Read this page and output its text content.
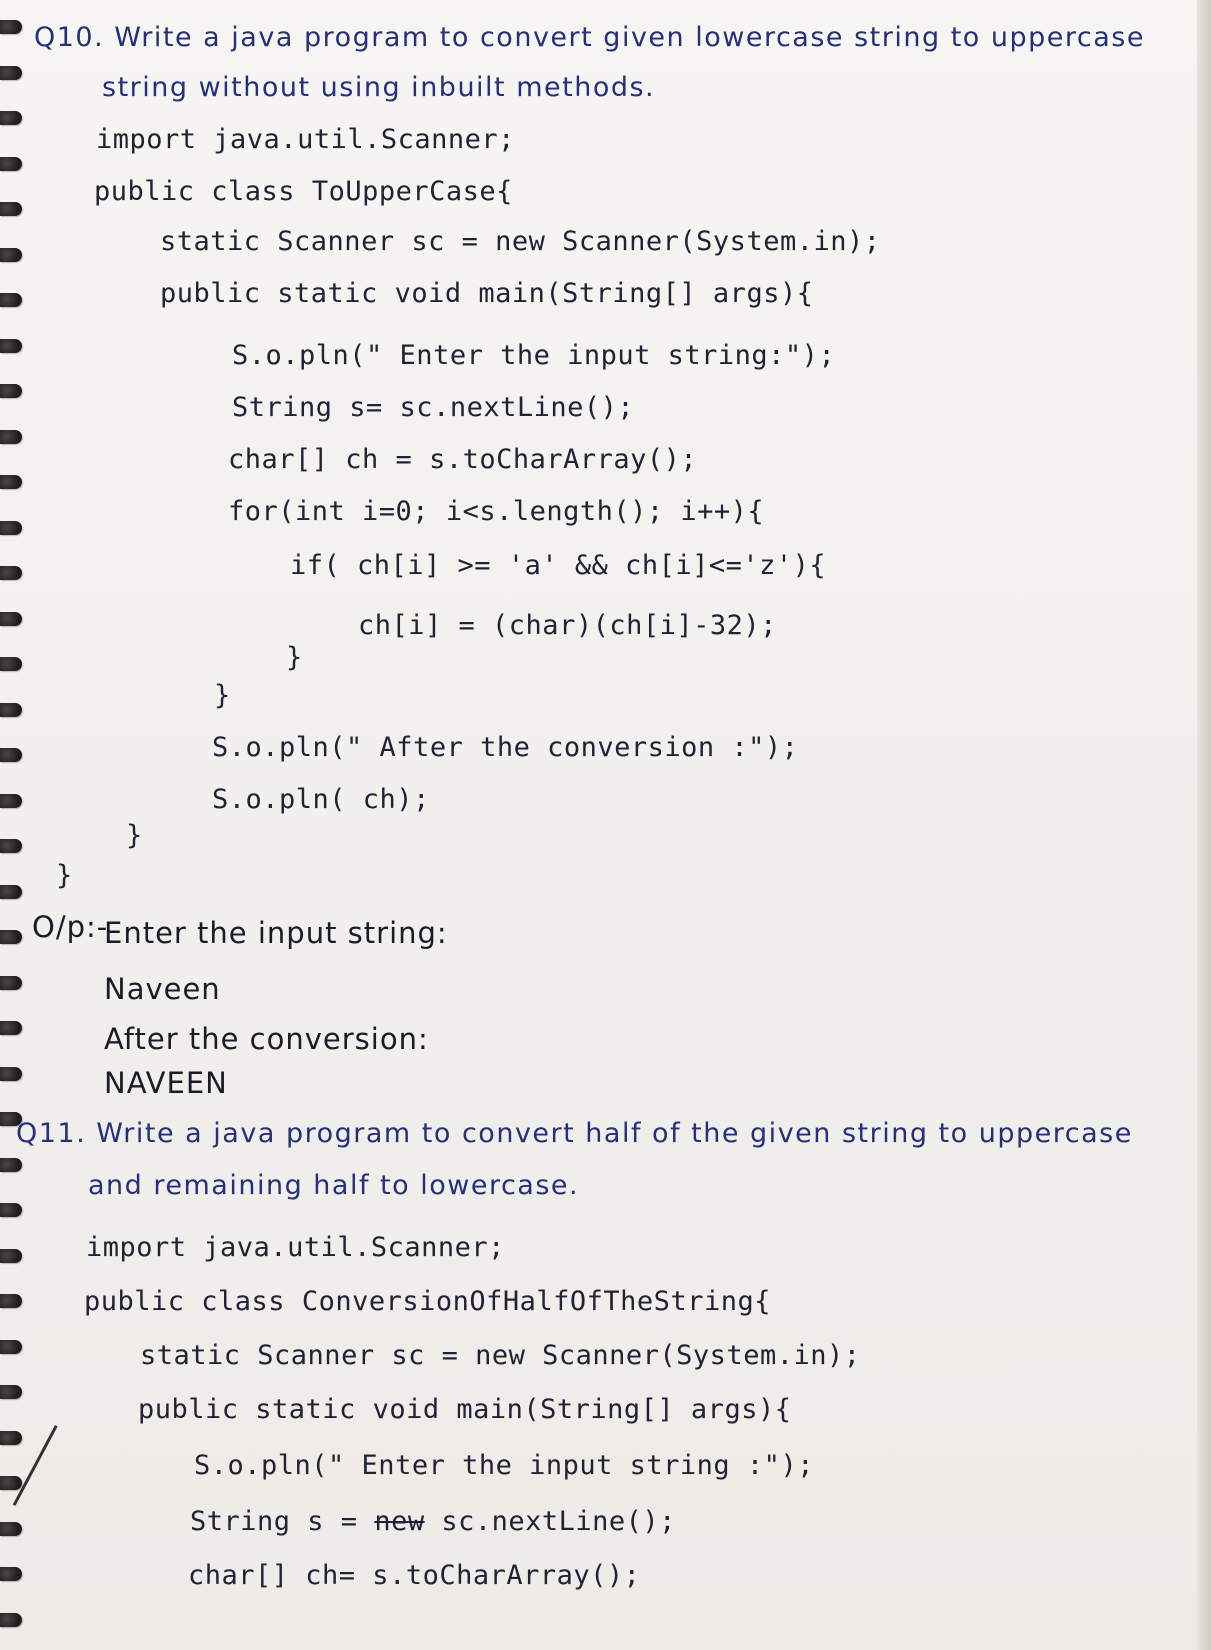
Q10. Write a java program to convert given lowercase string to uppercase
string without using inbuilt methods.
import java.util.Scanner;
public class ToUpperCase{
static Scanner sc = new Scanner(System.in);
public static void main(String[] args){
S.o.pln(" Enter the input string:");
String s= sc.nextLine();
char[] ch = s.toCharArray();
for(int i=0; i<s.length(); i++){
if( ch[i] >= 'a' && ch[i]<='z'){
ch[i] = (char)(ch[i]-32);
}
}
S.o.pln(" After the conversion :");
S.o.pln( ch);
}
}
O/p:-
Enter the input string:
Naveen
After the conversion:
NAVEEN
Q11. Write a java program to convert half of the given string to uppercase
and remaining half to lowercase.
import java.util.Scanner;
public class ConversionOfHalfOfTheString{
static Scanner sc = new Scanner(System.in);
public static void main(String[] args){
S.o.pln(" Enter the input string :");
String s = new sc.nextLine();
char[] ch= s.toCharArray();
